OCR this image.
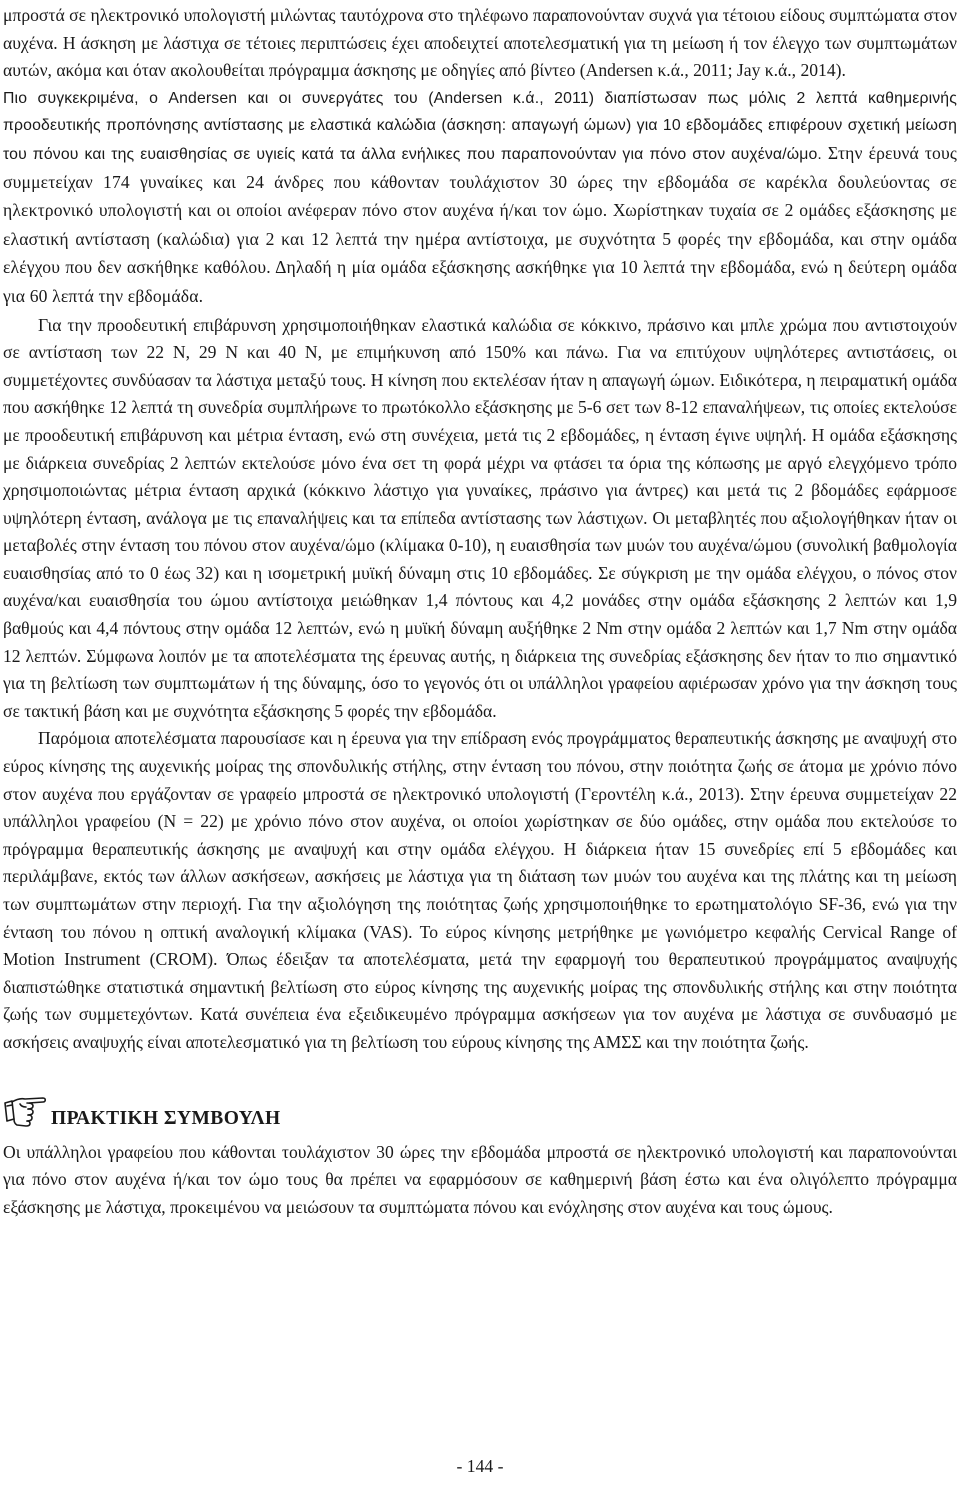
μπροστά σε ηλεκτρονικό υπολογιστή μιλώντας ταυτόχρονα στο τηλέφωνο παραπονούνταν συχνά για τέτοιου είδους συμπτώματα στον αυχένα. Η άσκηση με λάστιχα σε τέτοιες περιπτώσεις έχει αποδειχτεί αποτελεσματική για τη μείωση ή τον έλεγχο των συμπτωμάτων αυτών, ακόμα και όταν ακολουθείται πρόγραμμα άσκησης με οδηγίες από βίντεο (Andersen κ.ά., 2011; Jay κ.ά., 2014).

Πιο συγκεκριμένα, ο Andersen και οι συνεργάτες του (Andersen κ.ά., 2011) διαπίστωσαν πως μόλις 2 λεπτά καθημερινής προοδευτικής προπόνησης αντίστασης με ελαστικά καλώδια (άσκηση: απαγωγή ώμων) για 10 εβδομάδες επιφέρουν σχετική μείωση του πόνου και της ευαισθησίας σε υγιείς κατά τα άλλα ενήλικες που παραπονούνταν για πόνο στον αυχένα/ώμο. Στην έρευνά τους συμμετείχαν 174 γυναίκες και 24 άνδρες που κάθονταν τουλάχιστον 30 ώρες την εβδομάδα σε καρέκλα δουλεύοντας σε ηλεκτρονικό υπολογιστή και οι οποίοι ανέφεραν πόνο στον αυχένα ή/και τον ώμο. Χωρίστηκαν τυχαία σε 2 ομάδες εξάσκησης με ελαστική αντίσταση (καλώδια) για 2 και 12 λεπτά την ημέρα αντίστοιχα, με συχνότητα 5 φορές την εβδομάδα, και στην ομάδα ελέγχου που δεν ασκήθηκε καθόλου. Δηλαδή η μία ομάδα εξάσκησης ασκήθηκε για 10 λεπτά την εβδομάδα, ενώ η δεύτερη ομάδα για 60 λεπτά την εβδομάδα.

Για την προοδευτική επιβάρυνση χρησιμοποιήθηκαν ελαστικά καλώδια σε κόκκινο, πράσινο και μπλε χρώμα που αντιστοιχούν σε αντίσταση των 22 N, 29 N και 40 N, με επιμήκυνση από 150% και πάνω. Για να επιτύχουν υψηλότερες αντιστάσεις, οι συμμετέχοντες συνδύασαν τα λάστιχα μεταξύ τους. Η κίνηση που εκτελέσαν ήταν η απαγωγή ώμων. Ειδικότερα, η πειραματική ομάδα που ασκήθηκε 12 λεπτά τη συνεδρία συμπλήρωνε το πρωτόκολλο εξάσκησης με 5-6 σετ των 8-12 επαναλήψεων, τις οποίες εκτελούσε με προοδευτική επιβάρυνση και μέτρια ένταση, ενώ στη συνέχεια, μετά τις 2 εβδομάδες, η ένταση έγινε υψηλή. Η ομάδα εξάσκησης με διάρκεια συνεδρίας 2 λεπτών εκτελούσε μόνο ένα σετ τη φορά μέχρι να φτάσει τα όρια της κόπωσης με αργό ελεγχόμενο τρόπο χρησιμοποιώντας μέτρια ένταση αρχικά (κόκκινο λάστιχο για γυναίκες, πράσινο για άντρες) και μετά τις 2 βδομάδες εφάρμοσε υψηλότερη ένταση, ανάλογα με τις επαναλήψεις και τα επίπεδα αντίστασης των λάστιχων. Οι μεταβλητές που αξιολογήθηκαν ήταν οι μεταβολές στην ένταση του πόνου στον αυχένα/ώμο (κλίμακα 0-10), η ευαισθησία των μυών του αυχένα/ώμου (συνολική βαθμολογία ευαισθησίας από το 0 έως 32) και η ισομετρική μυϊκή δύναμη στις 10 εβδομάδες. Σε σύγκριση με την ομάδα ελέγχου, ο πόνος στον αυχένα/και ευαισθησία του ώμου αντίστοιχα μειώθηκαν 1,4 πόντους και 4,2 μονάδες στην ομάδα εξάσκησης 2 λεπτών και 1,9 βαθμούς και 4,4 πόντους στην ομάδα 12 λεπτών, ενώ η μυϊκή δύναμη αυξήθηκε 2 Nm στην ομάδα 2 λεπτών και 1,7 Nm στην ομάδα 12 λεπτών. Σύμφωνα λοιπόν με τα αποτελέσματα της έρευνας αυτής, η διάρκεια της συνεδρίας εξάσκησης δεν ήταν το πιο σημαντικό για τη βελτίωση των συμπτωμάτων ή της δύναμης, όσο το γεγονός ότι οι υπάλληλοι γραφείου αφιέρωσαν χρόνο για την άσκηση τους σε τακτική βάση και με συχνότητα εξάσκησης 5 φορές την εβδομάδα.

Παρόμοια αποτελέσματα παρουσίασε και η έρευνα για την επίδραση ενός προγράμματος θεραπευτικής άσκησης με αναψυχή στο εύρος κίνησης της αυχενικής μοίρας της σπονδυλικής στήλης, στην ένταση του πόνου, στην ποιότητα ζωής σε άτομα με χρόνιο πόνο στον αυχένα που εργάζονταν σε γραφείο μπροστά σε ηλεκτρονικό υπολογιστή (Γεροντέλη κ.ά., 2013). Στην έρευνα συμμετείχαν 22 υπάλληλοι γραφείου (N = 22) με χρόνιο πόνο στον αυχένα, οι οποίοι χωρίστηκαν σε δύο ομάδες, στην ομάδα που εκτελούσε το πρόγραμμα θεραπευτικής άσκησης με αναψυχή και στην ομάδα ελέγχου. Η διάρκεια ήταν 15 συνεδρίες επί 5 εβδομάδες και περιλάμβανε, εκτός των άλλων ασκήσεων, ασκήσεις με λάστιχα για τη διάταση των μυών του αυχένα και της πλάτης και τη μείωση των συμπτωμάτων στην περιοχή. Για την αξιολόγηση της ποιότητας ζωής χρησιμοποιήθηκε το ερωτηματολόγιο SF-36, ενώ για την ένταση του πόνου η οπτική αναλογική κλίμακα (VAS). Το εύρος κίνησης μετρήθηκε με γωνιόμετρο κεφαλής Cervical Range of Motion Instrument (CROM). Όπως έδειξαν τα αποτελέσματα, μετά την εφαρμογή του θεραπευτικού προγράμματος αναψυχής διαπιστώθηκε στατιστικά σημαντική βελτίωση στο εύρος κίνησης της αυχενικής μοίρας της σπονδυλικής στήλης και στην ποιότητα ζωής των συμμετεχόντων. Κατά συνέπεια ένα εξειδικευμένο πρόγραμμα ασκήσεων για τον αυχένα με λάστιχα σε συνδυασμό με ασκήσεις αναψυχής είναι αποτελεσματικό για τη βελτίωση του εύρους κίνησης της ΑΜΣΣ και την ποιότητα ζωής.

ΠΡΑΚΤΙΚΗ ΣΥΜΒΟΥΛΗ

Οι υπάλληλοι γραφείου που κάθονται τουλάχιστον 30 ώρες την εβδομάδα μπροστά σε ηλεκτρονικό υπολογιστή και παραπονούνται για πόνο στον αυχένα ή/και τον ώμο τους θα πρέπει να εφαρμόσουν σε καθημερινή βάση έστω και ένα ολιγόλεπτο πρόγραμμα εξάσκησης με λάστιχα, προκειμένου να μειώσουν τα συμπτώματα πόνου και ενόχλησης στον αυχένα και τους ώμους.

- 144 -
